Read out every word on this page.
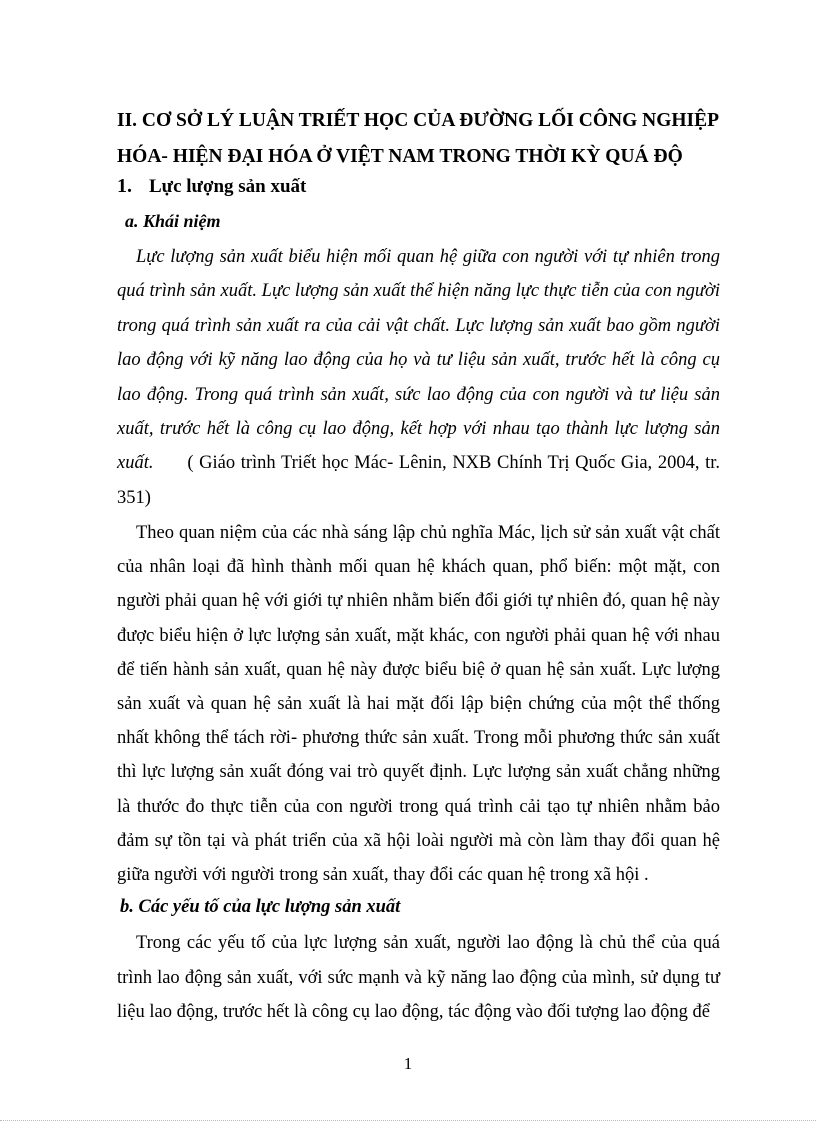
II. CƠ SỞ LÝ LUẬN TRIẾT HỌC CỦA ĐƯỜNG LỐI CÔNG NGHIỆP
HÓA- HIỆN ĐẠI HÓA Ở VIỆT NAM TRONG THỜI KỲ QUÁ ĐỘ
1. Lực lượng sản xuất
a. Khái niệm
Lực lượng sản xuất biểu hiện mối quan hệ giữa con người với tự nhiên trong quá trình sản xuất. Lực lượng sản xuất thể hiện năng lực thực tiễn của con người trong quá trình sản xuất ra của cải vật chất. Lực lượng sản xuất bao gồm người lao động với kỹ năng lao động của họ và tư liệu sản xuất, trước hết là công cụ lao động. Trong quá trình sản xuất, sức lao động của con người và tư liệu sản xuất, trước hết là công cụ lao động, kết hợp với nhau tạo thành lực lượng sản xuất. ( Giáo trình Triết học Mác- Lênin, NXB Chính Trị Quốc Gia, 2004, tr. 351)
Theo quan niệm của các nhà sáng lập chủ nghĩa Mác, lịch sử sản xuất vật chất của nhân loại đã hình thành mối quan hệ khách quan, phổ biến: một mặt, con người phải quan hệ với giới tự nhiên nhằm biến đổi giới tự nhiên đó, quan hệ này được biểu hiện ở lực lượng sản xuất, mặt khác, con người phải quan hệ với nhau để tiến hành sản xuất, quan hệ này được biểu biệ ở quan hệ sản xuất. Lực lượng sản xuất và quan hệ sản xuất là hai mặt đối lập biện chứng của một thể thống nhất không thể tách rời- phương thức sản xuất. Trong mỗi phương thức sản xuất thì lực lượng sản xuất đóng vai trò quyết định. Lực lượng sản xuất chẳng những là thước đo thực tiễn của con người trong quá trình cải tạo tự nhiên nhằm bảo đảm sự tồn tại và phát triển của xã hội loài người mà còn làm thay đổi quan hệ giữa người với người trong sản xuất, thay đổi các quan hệ trong xã hội .
b. Các yếu tố của lực lượng sản xuất
Trong các yếu tố của lực lượng sản xuất, người lao động là chủ thể của quá trình lao động sản xuất, với sức mạnh và kỹ năng lao động của mình, sử dụng tư liệu lao động, trước hết là công cụ lao động, tác động vào đối tượng lao động để
1
